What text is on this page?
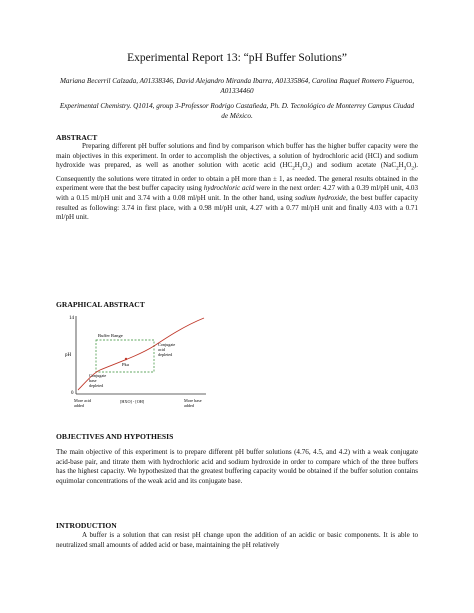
Experimental Report 13: “pH Buffer Solutions”
Mariana Becerril Calzada, A01338346, David Alejandro Miranda Ibarra, A01335864, Carolina Raquel Romero Figueroa, A01334460
Experimental Chemistry. Q1014, group 3-Professor Rodrigo Castañeda, Ph. D. Tecnológico de Monterrey Campus Ciudad de México.
ABSTRACT

Preparing different pH buffer solutions and find by comparison which buffer has the higher buffer capacity were the main objectives in this experiment. In order to accomplish the objectives, a solution of hydrochloric acid (HCl) and sodium hydroxide was prepared, as well as another solution with acetic acid $(HC_2H_3O_2)$ and sodium acetate $(NaC_2H_3O_2)$. Consequently the solutions were titrated in order to obtain a pH more than ± 1, as needed. The general results obtained in the experiment were that the best buffer capacity using hydrochloric acid were in the next order: 4.27 with a 0.39 ml/pH unit, 4.03 with a 0.15 ml/pH unit and 3.74 with a 0.08 ml/pH unit. In the other hand, using sodium hydroxide, the best buffer capacity resulted as following: 3.74 in first place, with a 0.98 ml/pH unit, 4.27 with a 0.77 ml/pH unit and finally 4.03 with a 0.71 ml/pH unit.

GRAPHICAL ABSTRACT
14
pH
0
Buffer Range
Pka
Conjugate
acid
depleted
Conjugate
base
depleted
More acid
added
[HXO] - [OH]	More base
added
OBJECTIVES AND HYPOTHESIS

The main objective of this experiment is to prepare different pH buffer solutions (4.76, 4.5, and 4.2) with a weak conjugate acid-base pair, and titrate them with hydrochloric acid and sodium hydroxide in order to compare which of the three buffers has the highest capacity. We hypothesized that the greatest buffering capacity would be obtained if the buffer solution contains equimolar concentrations of the weak acid and its conjugate base.

INTRODUCTION

A buffer is a solution that can resist pH change upon the addition of an acidic or basic components. It is able to neutralized small amounts of added acid or base, maintaining the pH relatively
